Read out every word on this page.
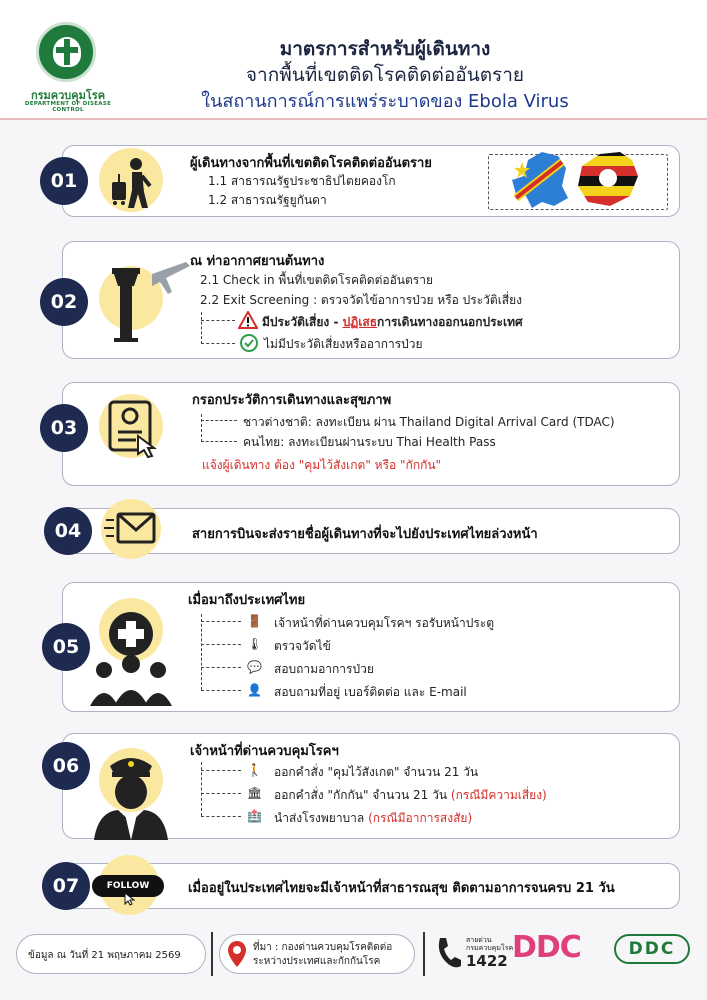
กรมควบคุมโรค
DEPARTMENT OF DISEASE CONTROL
มาตรการสำหรับผู้เดินทาง
จากพื้นที่เขตติดโรคติดต่ออันตราย
ในสถานการณ์การแพร่ระบาดของ Ebola Virus
01
ผู้เดินทางจากพื้นที่เขตติดโรคติดต่ออันตราย
1.1 สาธารณรัฐประชาธิปไตยคองโก
1.2 สาธารณรัฐยูกันดา
02
ณ ท่าอากาศยานต้นทาง
2.1 Check in พื้นที่เขตติดโรคติดต่ออันตราย
2.2 Exit Screening : ตรวจวัดไข้อาการป่วย หรือ ประวัติเสี่ยง
มีประวัติเสี่ยง - ปฏิเสธการเดินทางออกนอกประเทศ
ไม่มีประวัติเสี่ยงหรืออาการป่วย
03
กรอกประวัติการเดินทางและสุขภาพ
ชาวต่างชาติ: ลงทะเบียน ผ่าน Thailand Digital Arrival Card (TDAC)
คนไทย: ลงทะเบียนผ่านระบบ Thai Health Pass
แจ้งผู้เดินทาง ต้อง "คุมไว้สังเกต" หรือ "กักกัน"
04	สายการบินจะส่งรายชื่อผู้เดินทางที่จะไปยังประเทศไทยล่วงหน้า
05
เมื่อมาถึงประเทศไทย
🚪
🌡
💬
👤
เจ้าหน้าที่ด่านควบคุมโรคฯ รอรับหน้าประตู
ตรวจวัดไข้
สอบถามอาการป่วย
สอบถามที่อยู่ เบอร์ติดต่อ และ E-mail
06
เจ้าหน้าที่ด่านควบคุมโรคฯ
🚶
🏛
🏥
ออกคำสั่ง "คุมไว้สังเกต" จำนวน 21 วัน
ออกคำสั่ง "กักกัน" จำนวน 21 วัน (กรณีมีความเสี่ยง)
นำส่งโรงพยาบาล (กรณีมีอาการสงสัย)
07	FOLLOW	เมื่ออยู่ในประเทศไทยจะมีเจ้าหน้าที่สาธารณสุข ติดตามอาการจนครบ 21 วัน
ข้อมูล ณ วันที่ 21 พฤษภาคม 2569
ที่มา : กองด่านควบคุมโรคติดต่อ
ระหว่างประเทศและกักกันโรค
สายด่วน
กรมควบคุมโรค
1422 DDC	DDC
